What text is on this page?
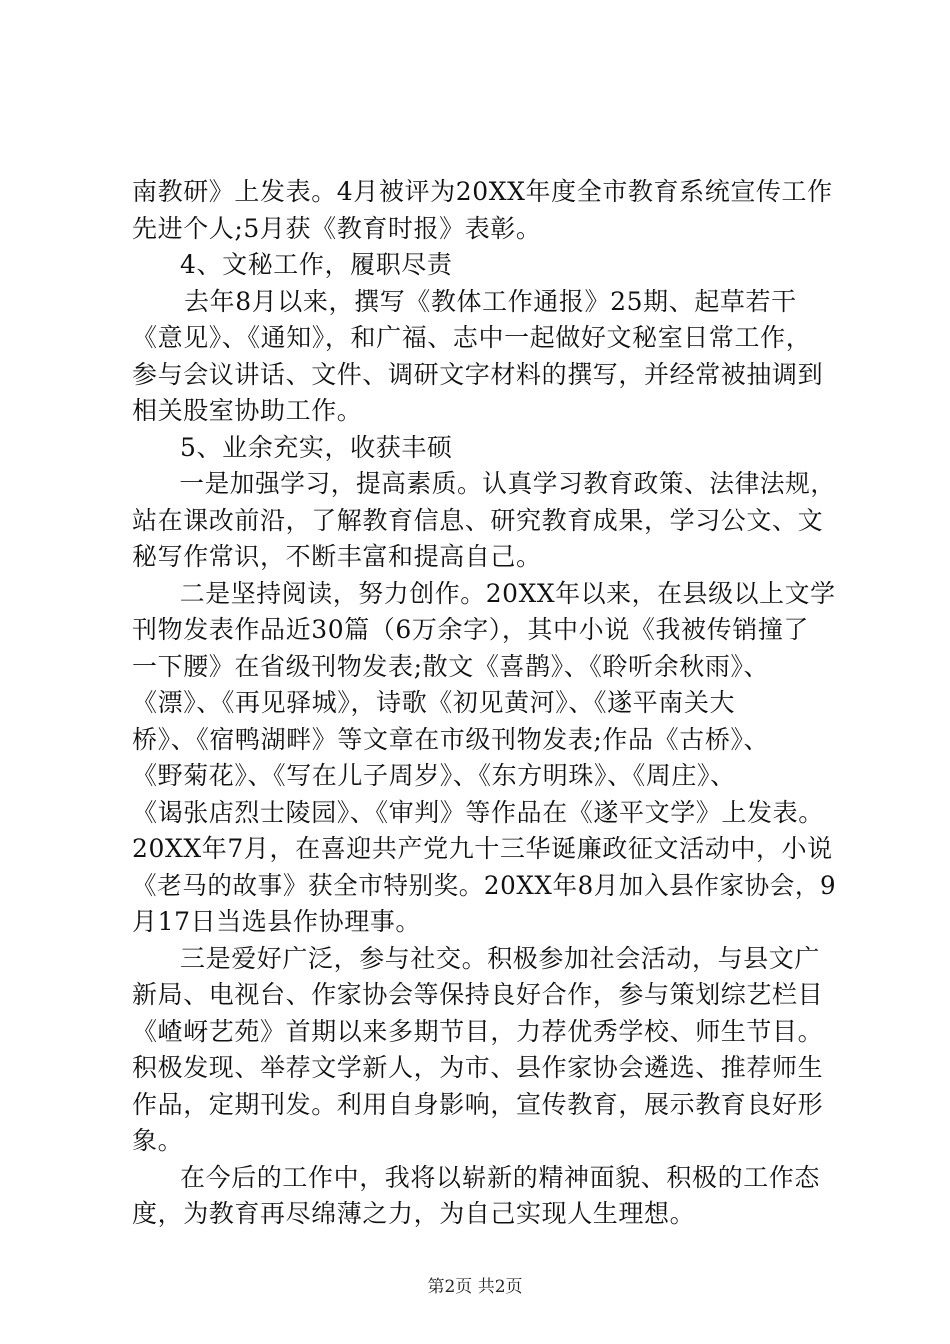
南教研》上发表。4月被评为20XX年度全市教育系统宣传工作
先进个人;5月获《教育时报》表彰。
4、文秘工作，履职尽责
去年8月以来，撰写《教体工作通报》25期、起草若干
《意见》、《通知》，和广福、志中一起做好文秘室日常工作，
参与会议讲话、文件、调研文字材料的撰写，并经常被抽调到
相关股室协助工作。
5、业余充实，收获丰硕
一是加强学习，提高素质。认真学习教育政策、法律法规，
站在课改前沿，了解教育信息、研究教育成果，学习公文、文
秘写作常识，不断丰富和提高自己。
二是坚持阅读，努力创作。20XX年以来，在县级以上文学
刊物发表作品近30篇（6万余字），其中小说《我被传销撞了
一下腰》在省级刊物发表;散文《喜鹊》、《聆听余秋雨》、
《漂》、《再见驿城》，诗歌《初见黄河》、《遂平南关大
桥》、《宿鸭湖畔》等文章在市级刊物发表;作品《古桥》、
《野菊花》、《写在儿子周岁》、《东方明珠》、《周庄》、
《谒张店烈士陵园》、《审判》等作品在《遂平文学》上发表。
20XX年7月，在喜迎共产党九十三华诞廉政征文活动中，小说
《老马的故事》获全市特别奖。20XX年8月加入县作家协会，9
月17日当选县作协理事。
三是爱好广泛，参与社交。积极参加社会活动，与县文广
新局、电视台、作家协会等保持良好合作，参与策划综艺栏目
《嵖岈艺苑》首期以来多期节目，力荐优秀学校、师生节目。
积极发现、举荐文学新人，为市、县作家协会遴选、推荐师生
作品，定期刊发。利用自身影响，宣传教育，展示教育良好形
象。
在今后的工作中，我将以崭新的精神面貌、积极的工作态
度，为教育再尽绵薄之力，为自己实现人生理想。
第2页 共2页
